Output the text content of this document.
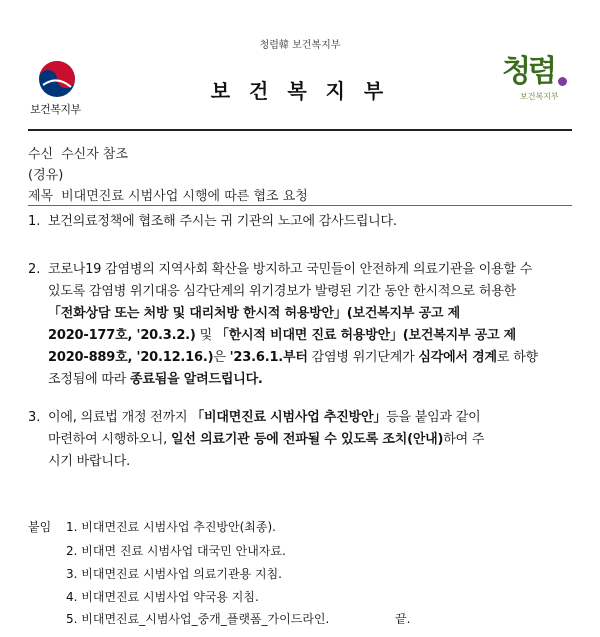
청렴韓 보건복지부
보건복지부
보 건 복 지 부
청렴
보건복지부
수신 수신자 참조
(경유)
제목 비대면진료 시범사업 시행에 따른 협조 요청
1. 보건의료정책에 협조해 주시는 귀 기관의 노고에 감사드립니다.
2. 코로나19 감염병의 지역사회 확산을 방지하고 국민들이 안전하게 의료기관을 이용할 수
있도록 감염병 위기대응 심각단계의 위기경보가 발령된 기간 동안 한시적으로 허용한
「전화상담 또는 처방 및 대리처방 한시적 허용방안」(보건복지부 공고 제
2020-177호, '20.3.2.) 및 「한시적 비대면 진료 허용방안」(보건복지부 공고 제
2020-889호, '20.12.16.)은 '23.6.1.부터 감염병 위기단계가 심각에서 경계로 하향
조정됨에 따라 종료됨을 알려드립니다.
3. 이에, 의료법 개정 전까지 「비대면진료 시범사업 추진방안」등을 붙임과 같이
마련하여 시행하오니, 일선 의료기관 등에 전파될 수 있도록 조치(안내)하여 주
시기 바랍니다.
붙임 1. 비대면진료 시범사업 추진방안(최종).
2. 비대면 진료 시범사업 대국민 안내자료.
3. 비대면진료 시범사업 의료기관용 지침.
4. 비대면진료 시범사업 약국용 지침.
5. 비대면진료_시범사업_중개_플랫폼_가이드라인.	끝.
